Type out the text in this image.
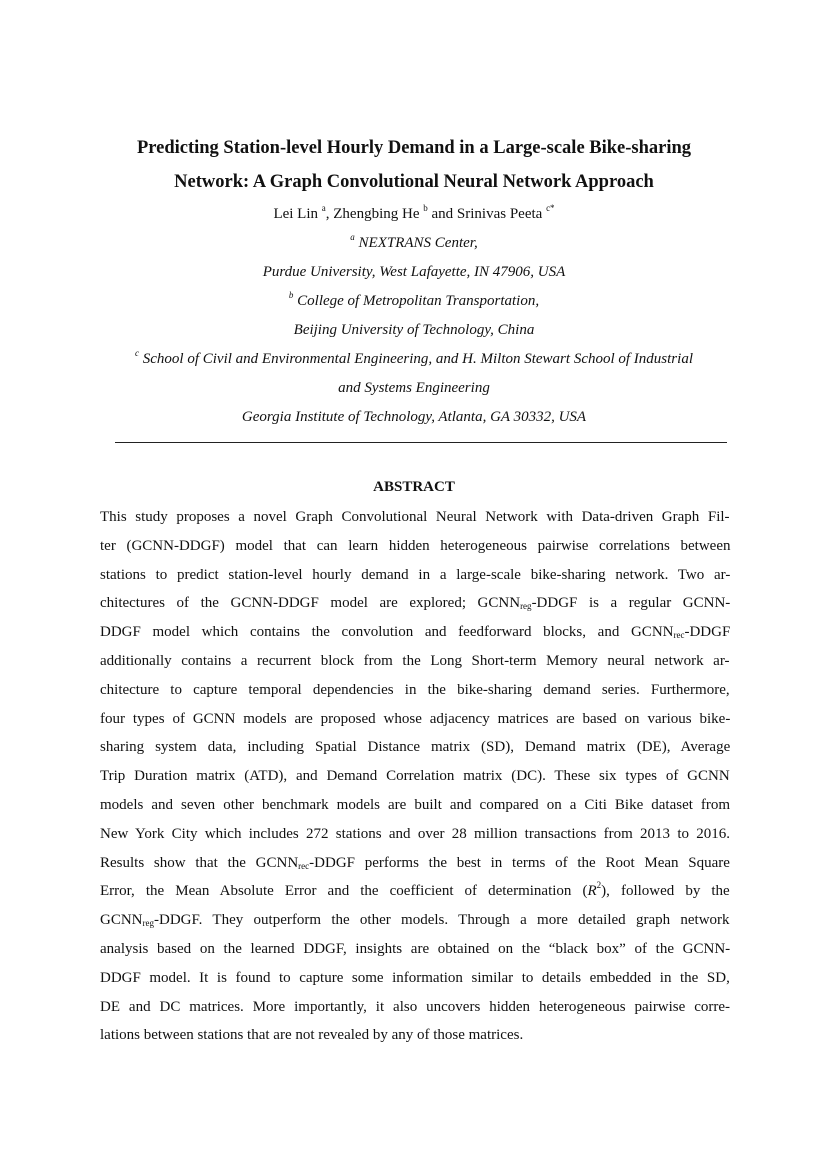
Predicting Station-level Hourly Demand in a Large-scale Bike-sharing
Network: A Graph Convolutional Neural Network Approach
Lei Lin $^a$, Zhengbing He $^b$ and Srinivas Peeta $^{c*}$
$^a$ NEXTRANS Center,
Purdue University, West Lafayette, IN 47906, USA
$^b$ College of Metropolitan Transportation,
Beijing University of Technology, China
$^c$ School of Civil and Environmental Engineering, and H. Milton Stewart School of Industrial
and Systems Engineering
Georgia Institute of Technology, Atlanta, GA 30332, USA
ABSTRACT
This study proposes a novel Graph Convolutional Neural Network with Data-driven Graph Fil-
ter (GCNN-DDGF) model that can learn hidden heterogeneous pairwise correlations between
stations to predict station-level hourly demand in a large-scale bike-sharing network. Two ar-
chitectures of the GCNN-DDGF model are explored; $GCNN_{reg}$-DDGF is a regular GCNN-
DDGF model which contains the convolution and feedforward blocks, and $GCNN_{rec}$-DDGF
additionally contains a recurrent block from the Long Short-term Memory neural network ar-
chitecture to capture temporal dependencies in the bike-sharing demand series. Furthermore,
four types of GCNN models are proposed whose adjacency matrices are based on various bike-
sharing system data, including Spatial Distance matrix (SD), Demand matrix (DE), Average
Trip Duration matrix (ATD), and Demand Correlation matrix (DC). These six types of GCNN
models and seven other benchmark models are built and compared on a Citi Bike dataset from
New York City which includes 272 stations and over 28 million transactions from 2013 to 2016.
Results show that the $GCNN_{rec}$-DDGF performs the best in terms of the Root Mean Square
Error, the Mean Absolute Error and the coefficient of determination $(R^2)$, followed by the
$GCNN_{reg}$-DDGF. They outperform the other models. Through a more detailed graph network
analysis based on the learned DDGF, insights are obtained on the “black box” of the GCNN-
DDGF model. It is found to capture some information similar to details embedded in the SD,
DE and DC matrices. More importantly, it also uncovers hidden heterogeneous pairwise corre-
lations between stations that are not revealed by any of those matrices.
